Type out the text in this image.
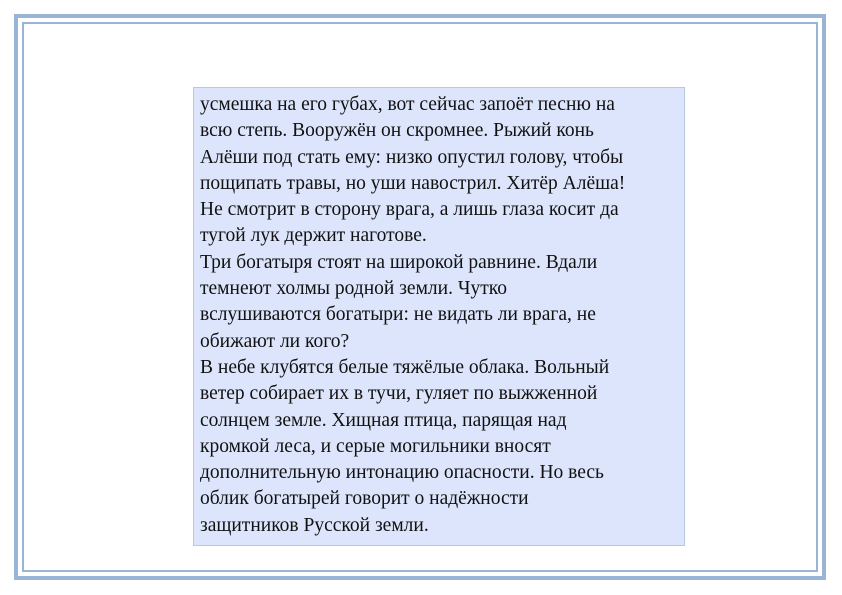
усмешка на его губах, вот сейчас запоёт песню на
всю степь. Вооружён он скромнее. Рыжий конь
Алёши под стать ему: низко опустил голову, чтобы
пощипать травы, но уши навострил. Хитёр Алёша!
Не смотрит в сторону врага, а лишь глаза косит да
тугой лук держит наготове.
Три богатыря стоят на широкой равнине. Вдали
темнеют холмы родной земли. Чутко
вслушиваются богатыри: не видать ли врага, не
обижают ли кого?
В небе клубятся белые тяжёлые облака. Вольный
ветер собирает их в тучи, гуляет по выжженной
солнцем земле. Хищная птица, парящая над
кромкой леса, и серые могильники вносят
дополнительную интонацию опасности. Но весь
облик богатырей говорит о надёжности
защитников Русской земли.
